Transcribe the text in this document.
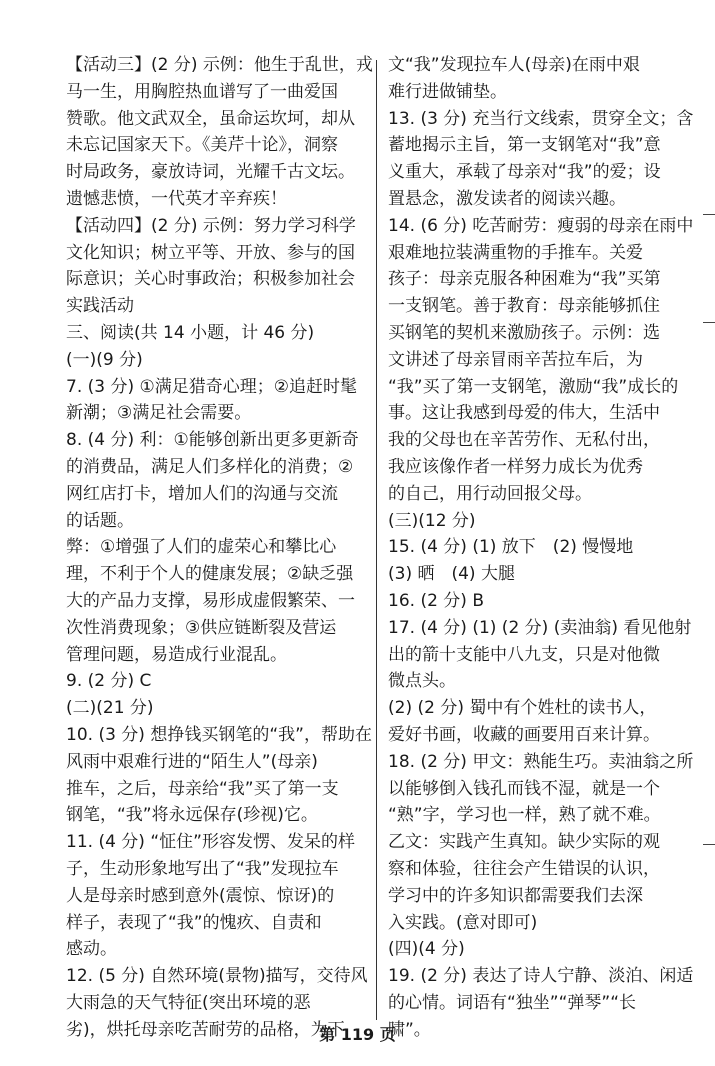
【活动三】(2 分) 示例：他生于乱世，戎
马一生，用胸腔热血谱写了一曲爱国
赞歌。他文武双全，虽命运坎坷，却从
未忘记国家天下。《美芹十论》，洞察
时局政务，豪放诗词，光耀千古文坛。
遗憾悲愤，一代英才辛弃疾！
【活动四】(2 分) 示例：努力学习科学
文化知识；树立平等、开放、参与的国
际意识；关心时事政治；积极参加社会
实践活动
三、阅读(共 14 小题，计 46 分)
(一)(9 分)
7. (3 分) ①满足猎奇心理；②追赶时髦
新潮；③满足社会需要。
8. (4 分) 利：①能够创新出更多更新奇
的消费品，满足人们多样化的消费；②
网红店打卡，增加人们的沟通与交流
的话题。
弊：①增强了人们的虚荣心和攀比心
理，不利于个人的健康发展；②缺乏强
大的产品力支撑，易形成虚假繁荣、一
次性消费现象；③供应链断裂及营运
管理问题，易造成行业混乱。
9. (2 分) C
(二)(21 分)
10. (3 分) 想挣钱买钢笔的“我”，帮助在
风雨中艰难行进的“陌生人”(母亲)
推车，之后，母亲给“我”买了第一支
钢笔，“我”将永远保存(珍视)它。
11. (4 分) “怔住”形容发愣、发呆的样
子，生动形象地写出了“我”发现拉车
人是母亲时感到意外(震惊、惊讶)的
样子，表现了“我”的愧疚、自责和
感动。
12. (5 分) 自然环境(景物)描写，交待风
大雨急的天气特征(突出环境的恶
劣)，烘托母亲吃苦耐劳的品格，为下
文“我”发现拉车人(母亲)在雨中艰
难行进做铺垫。
13. (3 分) 充当行文线索，贯穿全文；含
蓄地揭示主旨，第一支钢笔对“我”意
义重大，承载了母亲对“我”的爱；设
置悬念，激发读者的阅读兴趣。
14. (6 分) 吃苦耐劳：瘦弱的母亲在雨中
艰难地拉装满重物的手推车。关爱
孩子：母亲克服各种困难为“我”买第
一支钢笔。善于教育：母亲能够抓住
买钢笔的契机来激励孩子。示例：选
文讲述了母亲冒雨辛苦拉车后，为
“我”买了第一支钢笔，激励“我”成长的
事。这让我感到母爱的伟大，生活中
我的父母也在辛苦劳作、无私付出，
我应该像作者一样努力成长为优秀
的自己，用行动回报父母。
(三)(12 分)
15. (4 分) (1) 放下　(2) 慢慢地
(3) 晒　(4) 大腿
16. (2 分) B
17. (4 分) (1) (2 分) (卖油翁) 看见他射
出的箭十支能中八九支，只是对他微
微点头。
(2) (2 分) 蜀中有个姓杜的读书人，
爱好书画，收藏的画要用百来计算。
18. (2 分) 甲文：熟能生巧。卖油翁之所
以能够倒入钱孔而钱不湿，就是一个
“熟”字，学习也一样，熟了就不难。
乙文：实践产生真知。缺少实际的观
察和体验，往往会产生错误的认识，
学习中的许多知识都需要我们去深
入实践。(意对即可)
(四)(4 分)
19. (2 分) 表达了诗人宁静、淡泊、闲适
的心情。词语有“独坐”“弹琴”“长
啸”。
第 119 页
